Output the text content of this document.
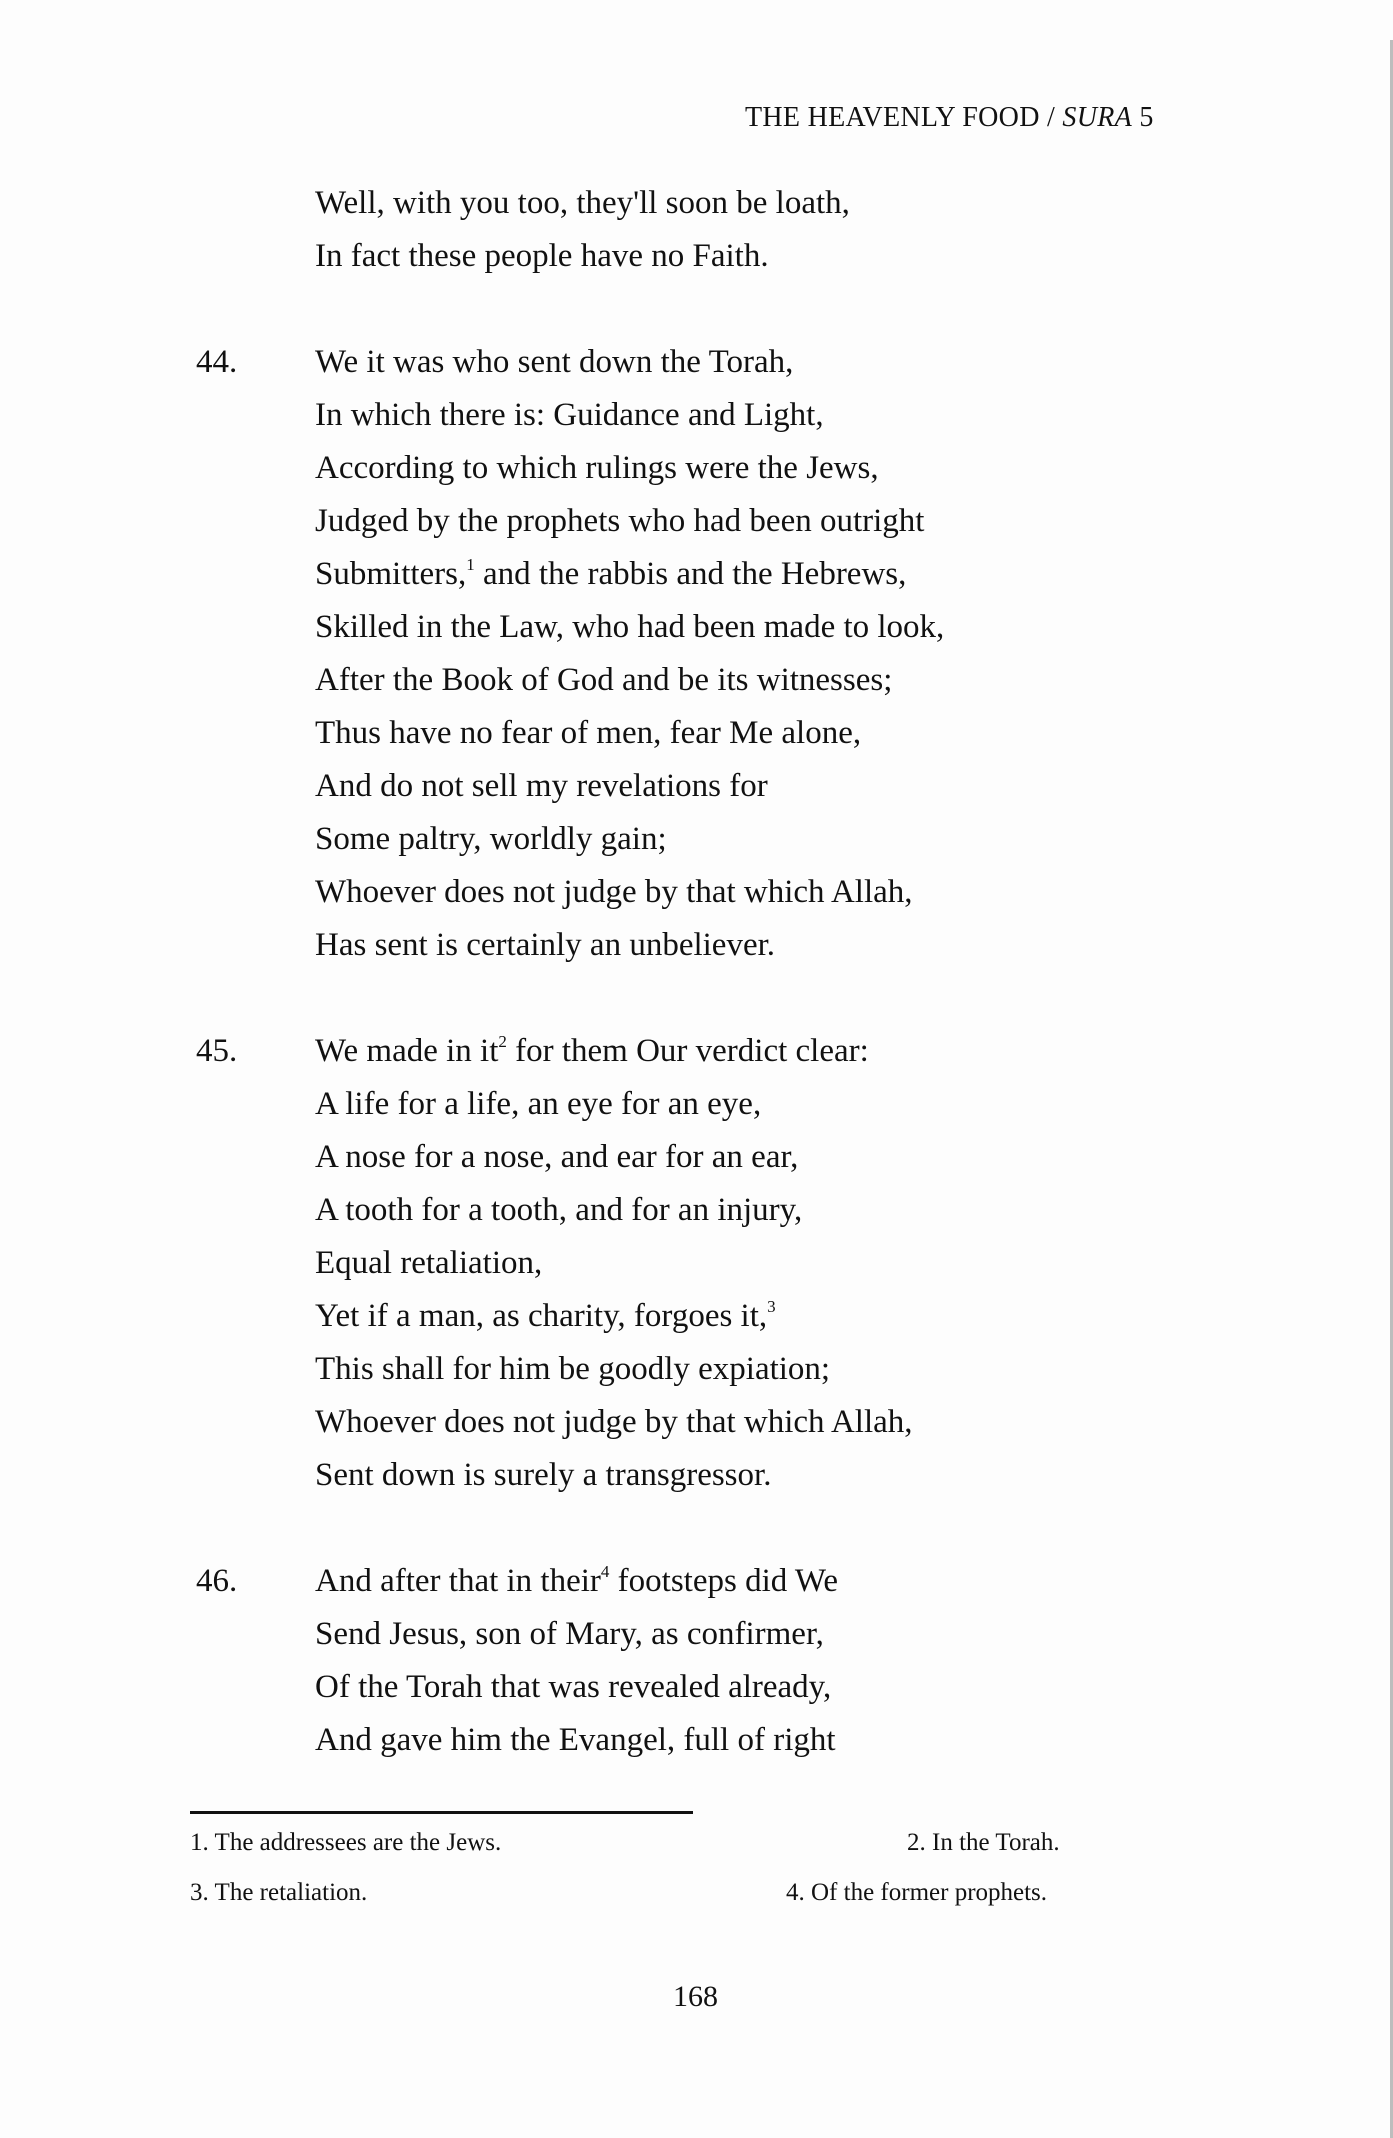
THE HEAVENLY FOOD / SURA 5
Well, with you too, they'll soon be loath,
In fact these people have no Faith.
44. We it was who sent down the Torah,
In which there is: Guidance and Light,
According to which rulings were the Jews,
Judged by the prophets who had been outright
Submitters,$^1$ and the rabbis and the Hebrews,
Skilled in the Law, who had been made to look,
After the Book of God and be its witnesses;
Thus have no fear of men, fear Me alone,
And do not sell my revelations for
Some paltry, worldly gain;
Whoever does not judge by that which Allah,
Has sent is certainly an unbeliever.
45. We made in $it^2$ for them Our verdict clear:
A life for a life, an eye for an eye,
A nose for a nose, and ear for an ear,
A tooth for a tooth, and for an injury,
Equal retaliation,
Yet if a man, as charity, forgoes it,$^3$
This shall for him be goodly expiation;
Whoever does not judge by that which Allah,
Sent down is surely a transgressor.
46. And after that in their$^4$ footsteps did We
Send Jesus, son of Mary, as confirmer,
Of the Torah that was revealed already,
And gave him the Evangel, full of right
1. The addressees are the Jews.	2. In the Torah.
3. The retaliation.	4. Of the former prophets.
168
